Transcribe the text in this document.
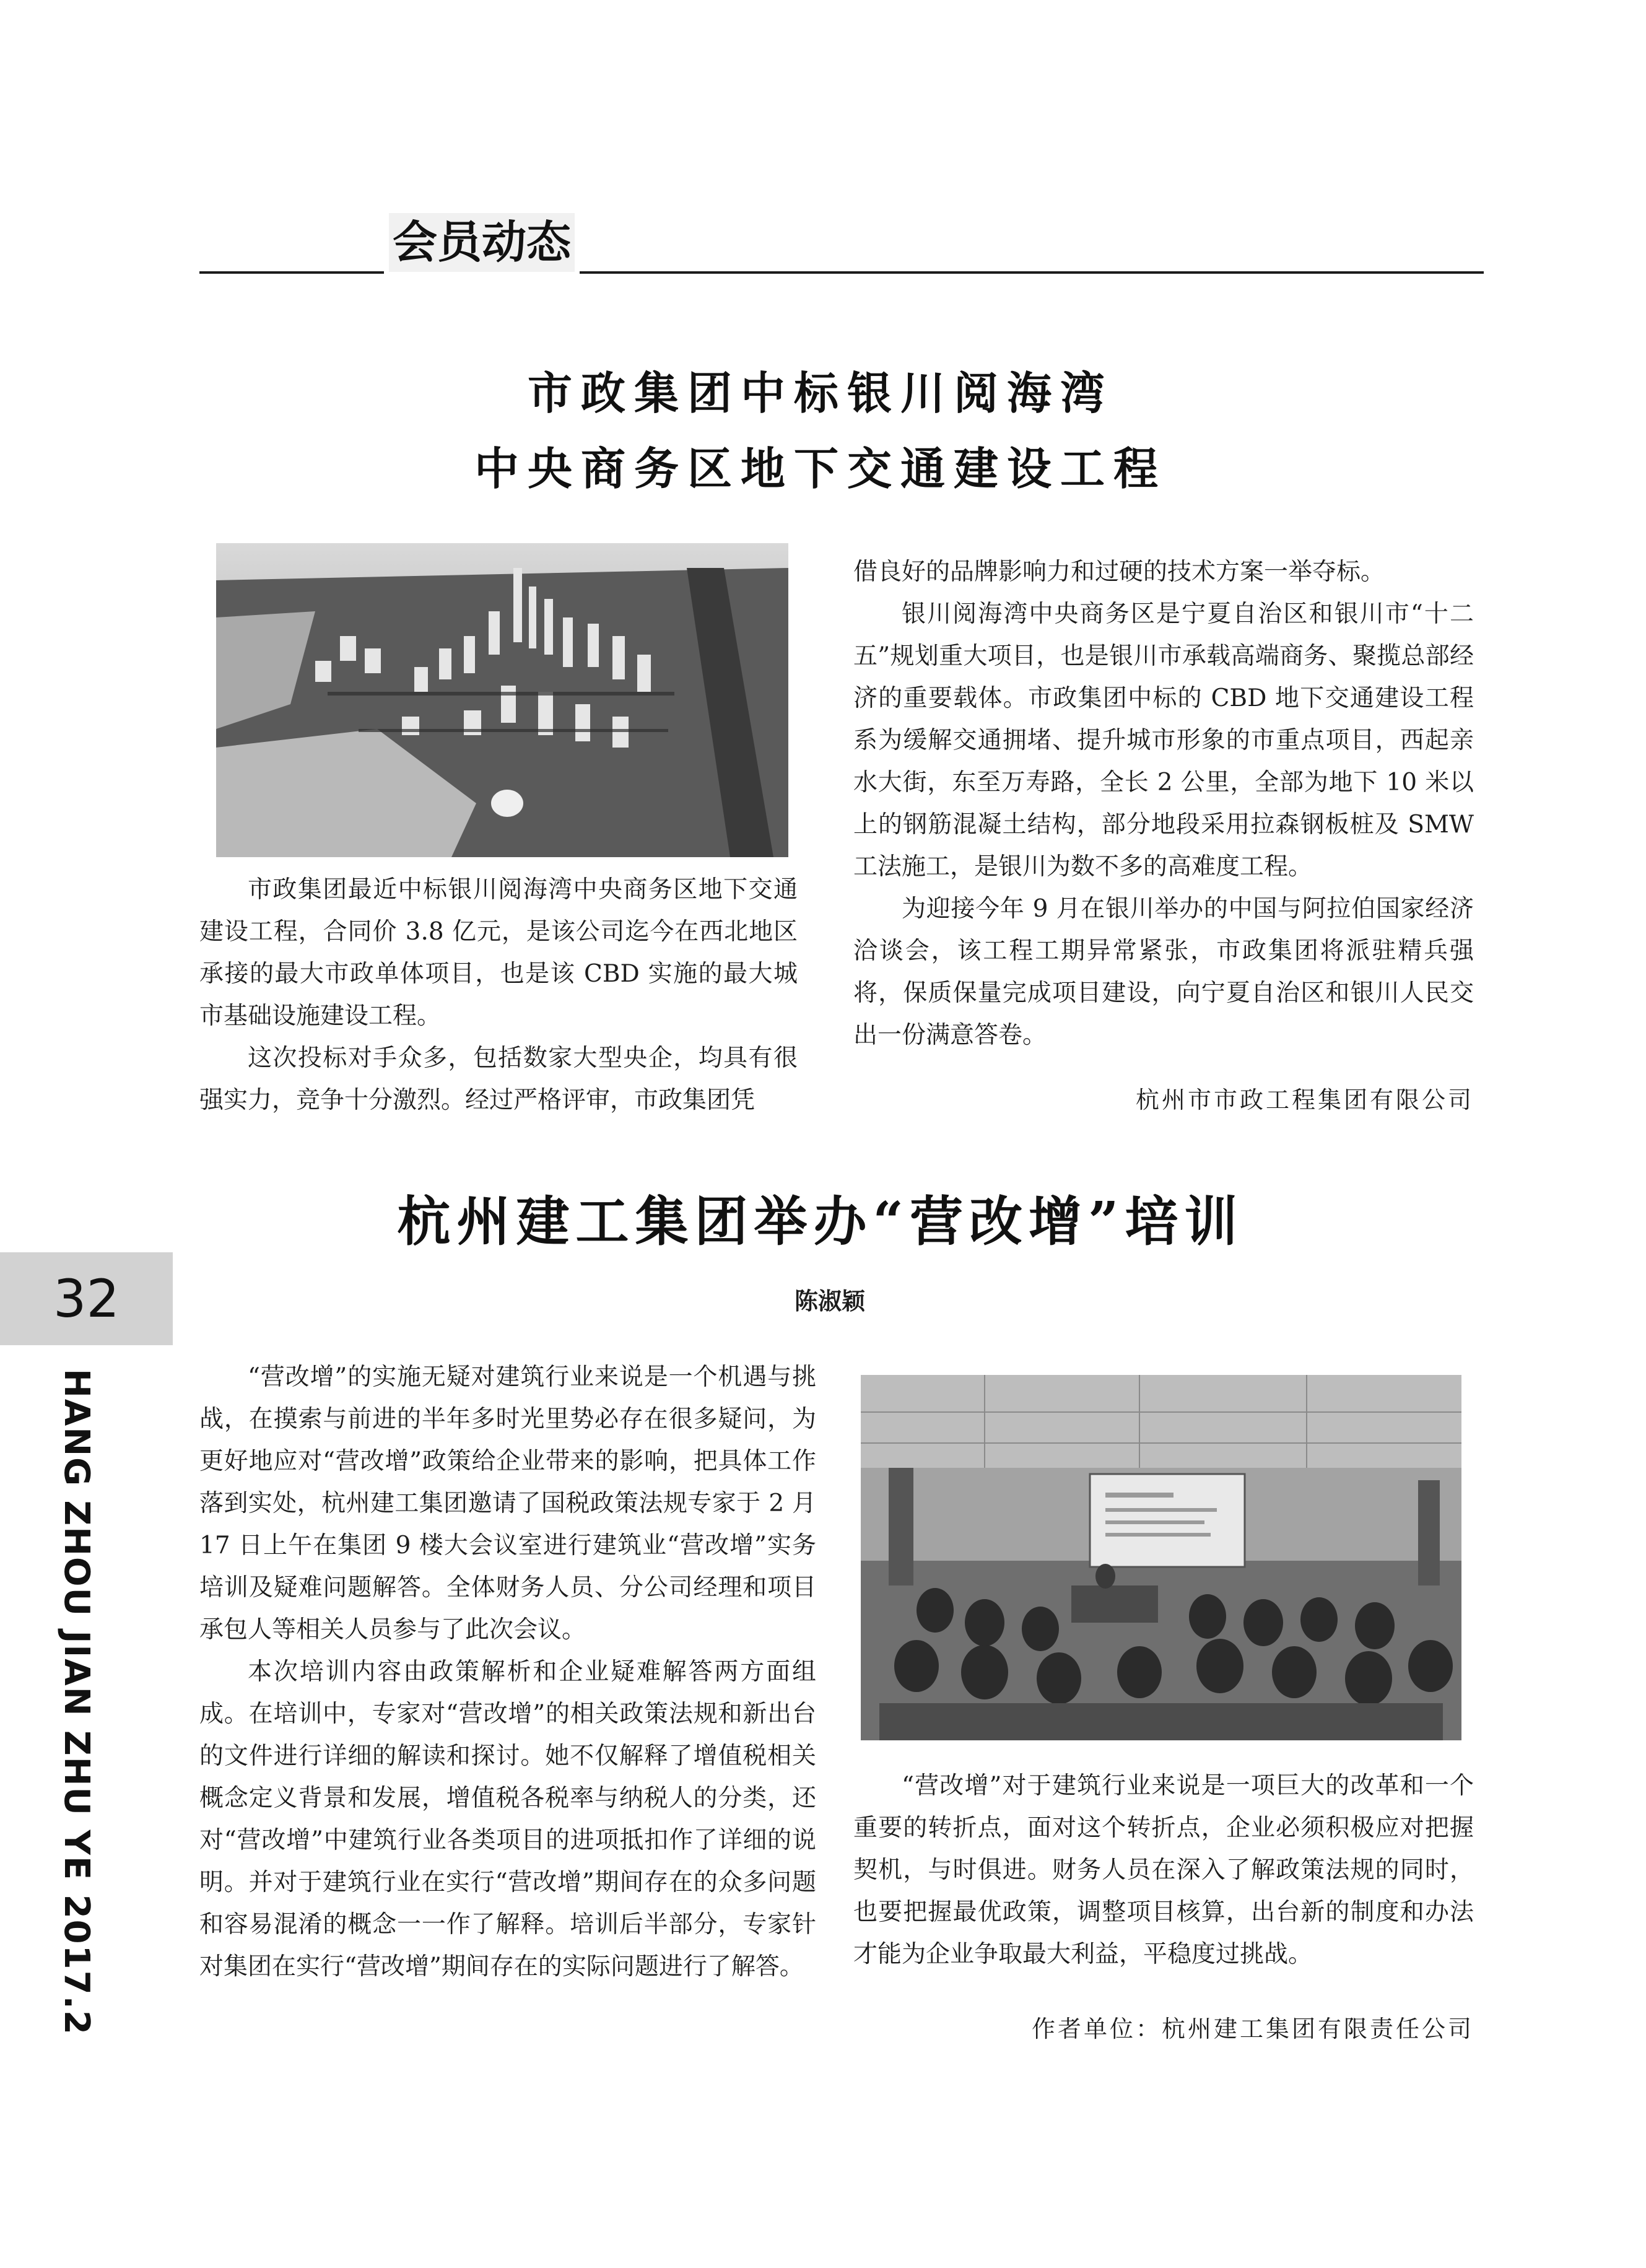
会员动态
市政集团中标银川阅海湾
中央商务区地下交通建设工程

市政集团最近中标银川阅海湾中央商务区地下交通建设工程，合同价 3.8 亿元，是该公司迄今在西北地区承接的最大市政单体项目，也是该 CBD 实施的最大城市基础设施建设工程。

这次投标对手众多，包括数家大型央企，均具有很强实力，竞争十分激烈。经过严格评审，市政集团凭

借良好的品牌影响力和过硬的技术方案一举夺标。

银川阅海湾中央商务区是宁夏自治区和银川市“十二五”规划重大项目，也是银川市承载高端商务、聚揽总部经济的重要载体。市政集团中标的 CBD 地下交通建设工程系为缓解交通拥堵、提升城市形象的市重点项目，西起亲水大街，东至万寿路，全长 2 公里，全部为地下 10 米以上的钢筋混凝土结构，部分地段采用拉森钢板桩及 SMW 工法施工，是银川为数不多的高难度工程。

为迎接今年 9 月在银川举办的中国与阿拉伯国家经济洽谈会，该工程工期异常紧张，市政集团将派驻精兵强将，保质保量完成项目建设，向宁夏自治区和银川人民交出一份满意答卷。

杭州市市政工程集团有限公司
杭州建工集团举办“营改增”培训
陈淑颖
32
HANG ZHOU JIAN ZHU YE 2017.2	“营改增”的实施无疑对建筑行业来说是一个机遇与挑战，在摸索与前进的半年多时光里势必存在很多疑问，为更好地应对“营改增”政策给企业带来的影响，把具体工作落到实处，杭州建工集团邀请了国税政策法规专家于 2 月 17 日上午在集团 9 楼大会议室进行建筑业“营改增”实务培训及疑难问题解答。全体财务人员、分公司经理和项目承包人等相关人员参与了此次会议。

本次培训内容由政策解析和企业疑难解答两方面组成。在培训中，专家对“营改增”的相关政策法规和新出台的文件进行详细的解读和探讨。她不仅解释了增值税相关概念定义背景和发展，增值税各税率与纳税人的分类，还对“营改增”中建筑行业各类项目的进项抵扣作了详细的说明。并对于建筑行业在实行“营改增”期间存在的众多问题和容易混淆的概念一一作了解释。培训后半部分，专家针对集团在实行“营改增”期间存在的实际问题进行了解答。

“营改增”对于建筑行业来说是一项巨大的改革和一个重要的转折点，面对这个转折点，企业必须积极应对把握契机，与时俱进。财务人员在深入了解政策法规的同时，也要把握最优政策，调整项目核算，出台新的制度和办法才能为企业争取最大利益，平稳度过挑战。

作者单位：杭州建工集团有限责任公司
